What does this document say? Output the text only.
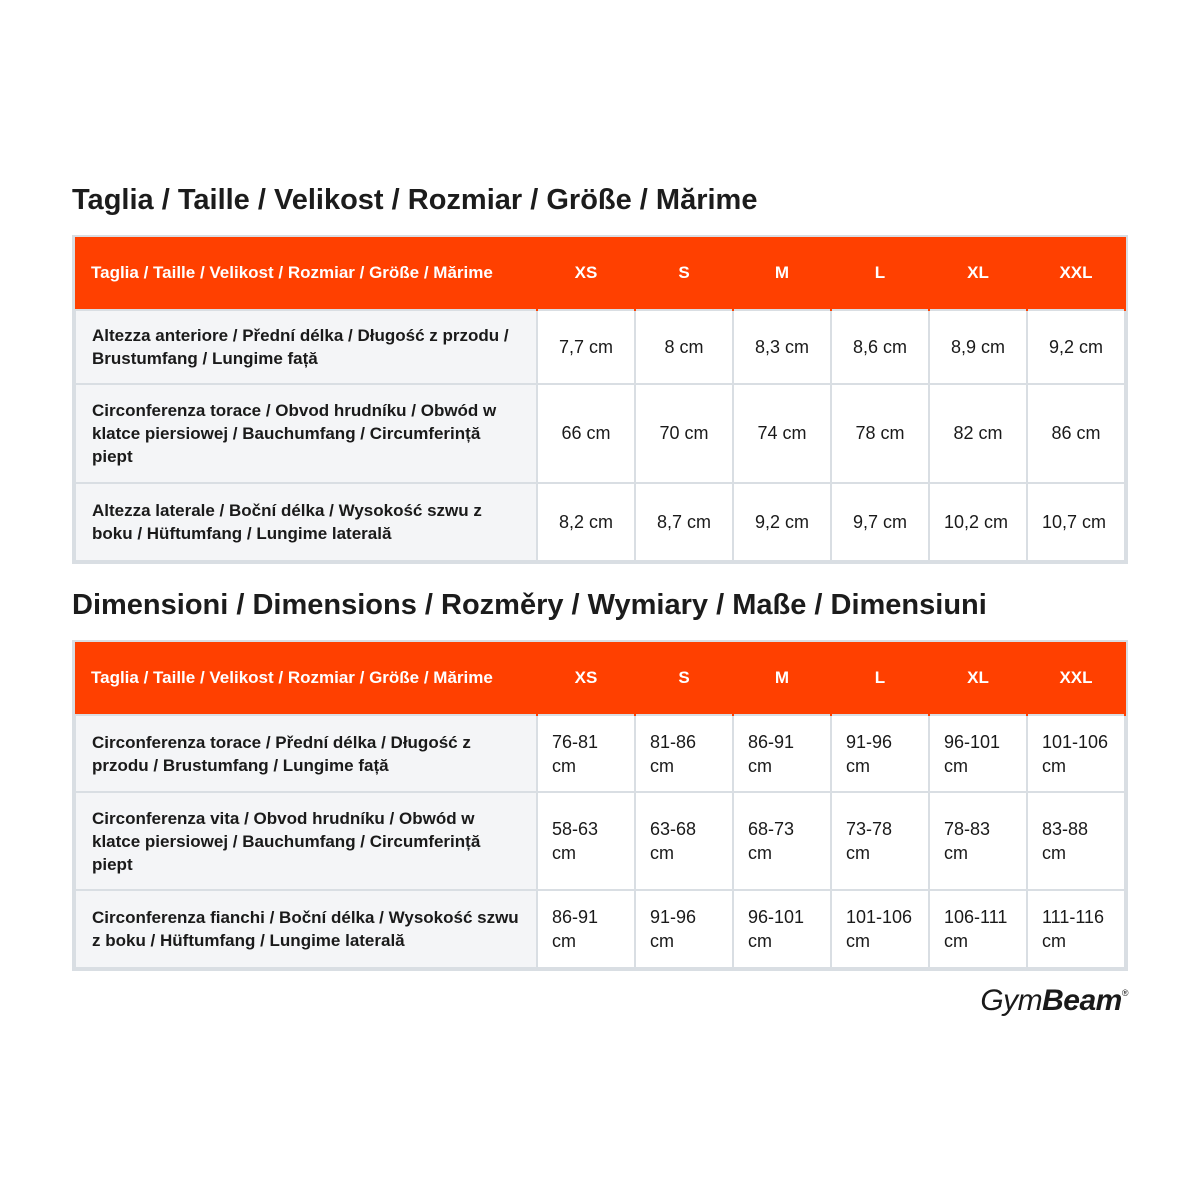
Taglia / Taille / Velikost / Rozmiar / Größe / Mărime
Taglia / Taille / Velikost / Rozmiar / Größe / Mărime	XS	S	M	L	XL	XXL
Altezza anteriore / Přední délka / Długość z przodu / Brustumfang / Lungime față	7,7 cm	8 cm	8,3 cm	8,6 cm	8,9 cm	9,2 cm
Circonferenza torace / Obvod hrudníku / Obwód w klatce piersiowej / Bauchumfang / Circumferință piept	66 cm	70 cm	74 cm	78 cm	82 cm	86 cm
Altezza laterale / Boční délka / Wysokość szwu z boku / Hüftumfang / Lungime laterală	8,2 cm	8,7 cm	9,2 cm	9,7 cm	10,2 cm	10,7 cm
Dimensioni / Dimensions / Rozměry / Wymiary / Maße / Dimensiuni
Taglia / Taille / Velikost / Rozmiar / Größe / Mărime	XS	S	M	L	XL	XXL
Circonferenza torace / Přední délka / Długość z przodu / Brustumfang / Lungime față	76-81 cm	81-86 cm	86-91 cm	91-96 cm	96-101 cm	101-106 cm
Circonferenza vita / Obvod hrudníku / Obwód w klatce piersiowej / Bauchumfang / Circumferință piept	58-63 cm	63-68 cm	68-73 cm	73-78 cm	78-83 cm	83-88 cm
Circonferenza fianchi / Boční délka / Wysokość szwu z boku / Hüftumfang / Lungime laterală	86-91 cm	91-96 cm	96-101 cm	101-106 cm	106-111 cm	111-116 cm
GymBeam®
